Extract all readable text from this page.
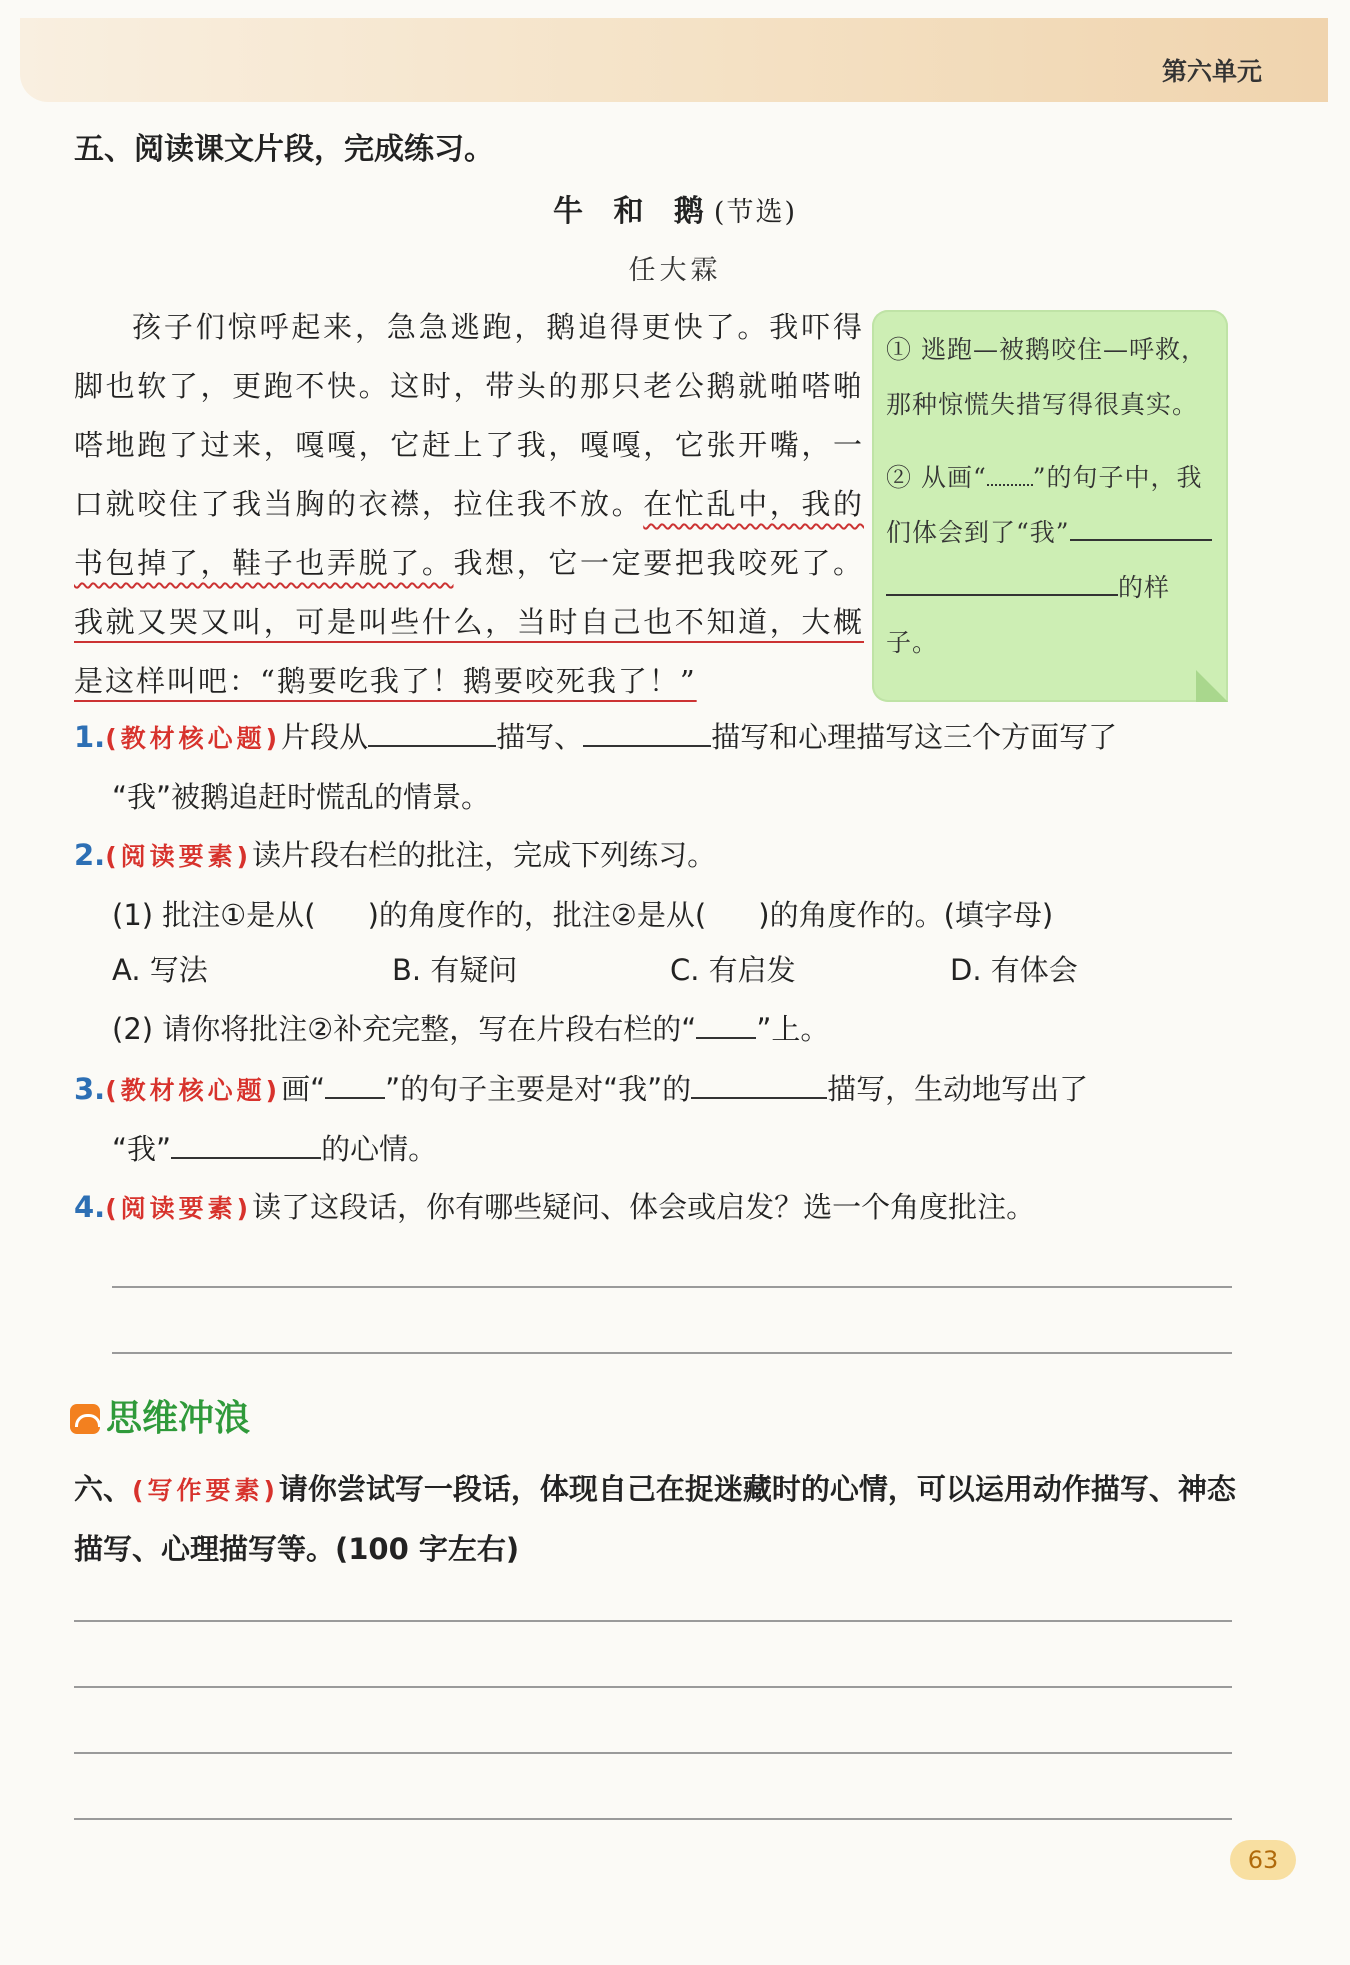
第六单元
五、阅读课文片段，完成练习。
牛 和 鹅(节选)
任大霖
孩子们惊呼起来，急急逃跑，鹅追得更快了。我吓得脚也软了，更跑不快。这时，带头的那只老公鹅就啪嗒啪嗒地跑了过来，嘎嘎，它赶上了我，嘎嘎，它张开嘴，一口就咬住了我当胸的衣襟，拉住我不放。在忙乱中，我的书包掉了，鞋子也弄脱了。我想，它一定要把我咬死了。我就又哭又叫，可是叫些什么，当时自己也不知道，大概是这样叫吧：“鹅要吃我了！鹅要咬死我了！”
① 逃跑—被鹅咬住—呼救，那种惊慌失措写得很真实。
② 从画“ ”的句子中，我们体会到了“我”
的样子。
1.(教材核心题)片段从	描写、	描写和心理描写这三个方面写了
“我”被鹅追赶时慌乱的情景。
2.(阅读要素)读片段右栏的批注，完成下列练习。
(1) 批注①是从( )的角度作的，批注②是从( )的角度作的。(填字母)
A. 写法	B. 有疑问	C. 有启发	D. 有体会
(2) 请你将批注②补充完整，写在片段右栏的“ ”上。
3.(教材核心题)画“ ”的句子主要是对“我”的	描写，生动地写出了
“我”	的心情。
4.(阅读要素)读了这段话，你有哪些疑问、体会或启发？选一个角度批注。
思维冲浪
六、(写作要素)请你尝试写一段话，体现自己在捉迷藏时的心情，可以运用动作描写、神态描写、心理描写等。(100 字左右)
63
